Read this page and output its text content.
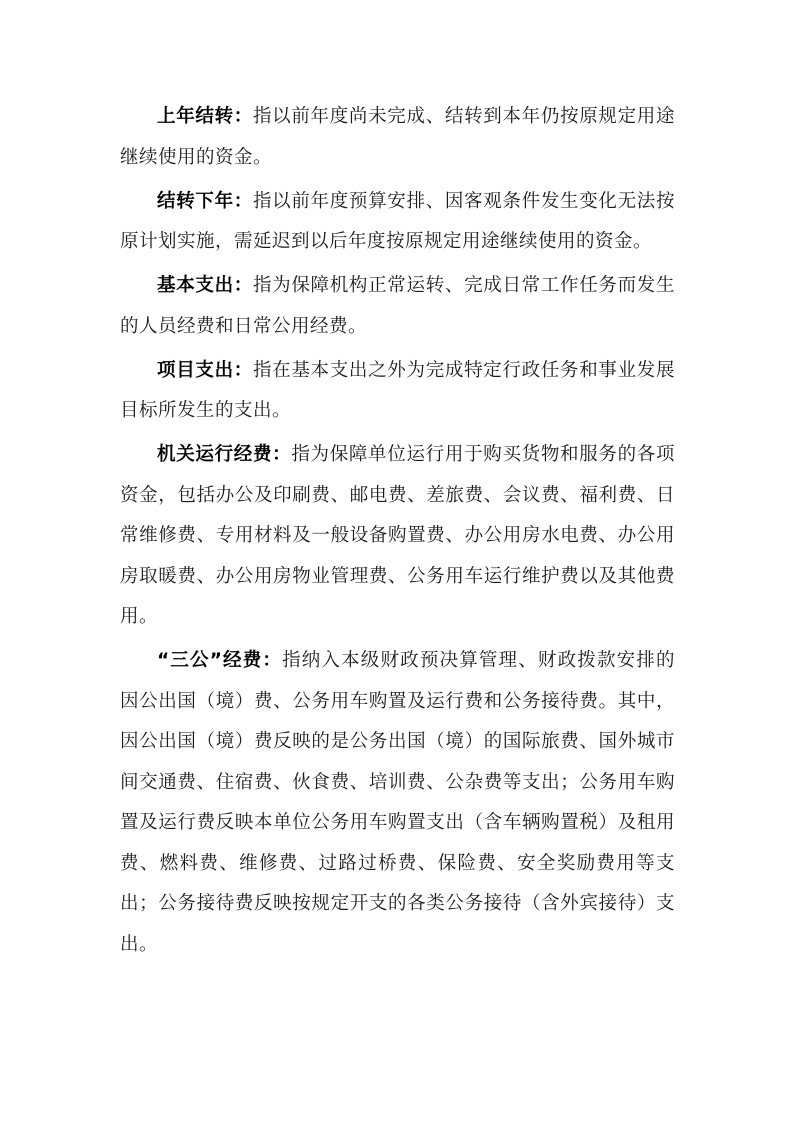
上年结转：指以前年度尚未完成、结转到本年仍按原规定用途继续使用的资金。

结转下年：指以前年度预算安排、因客观条件发生变化无法按原计划实施，需延迟到以后年度按原规定用途继续使用的资金。

基本支出：指为保障机构正常运转、完成日常工作任务而发生的人员经费和日常公用经费。

项目支出：指在基本支出之外为完成特定行政任务和事业发展目标所发生的支出。

机关运行经费：指为保障单位运行用于购买货物和服务的各项资金，包括办公及印刷费、邮电费、差旅费、会议费、福利费、日常维修费、专用材料及一般设备购置费、办公用房水电费、办公用房取暖费、办公用房物业管理费、公务用车运行维护费以及其他费用。

“三公”经费：指纳入本级财政预决算管理、财政拨款安排的因公出国（境）费、公务用车购置及运行费和公务接待费。其中，因公出国（境）费反映的是公务出国（境）的国际旅费、国外城市间交通费、住宿费、伙食费、培训费、公杂费等支出；公务用车购置及运行费反映本单位公务用车购置支出（含车辆购置税）及租用费、燃料费、维修费、过路过桥费、保险费、安全奖励费用等支出；公务接待费反映按规定开支的各类公务接待（含外宾接待）支出。
